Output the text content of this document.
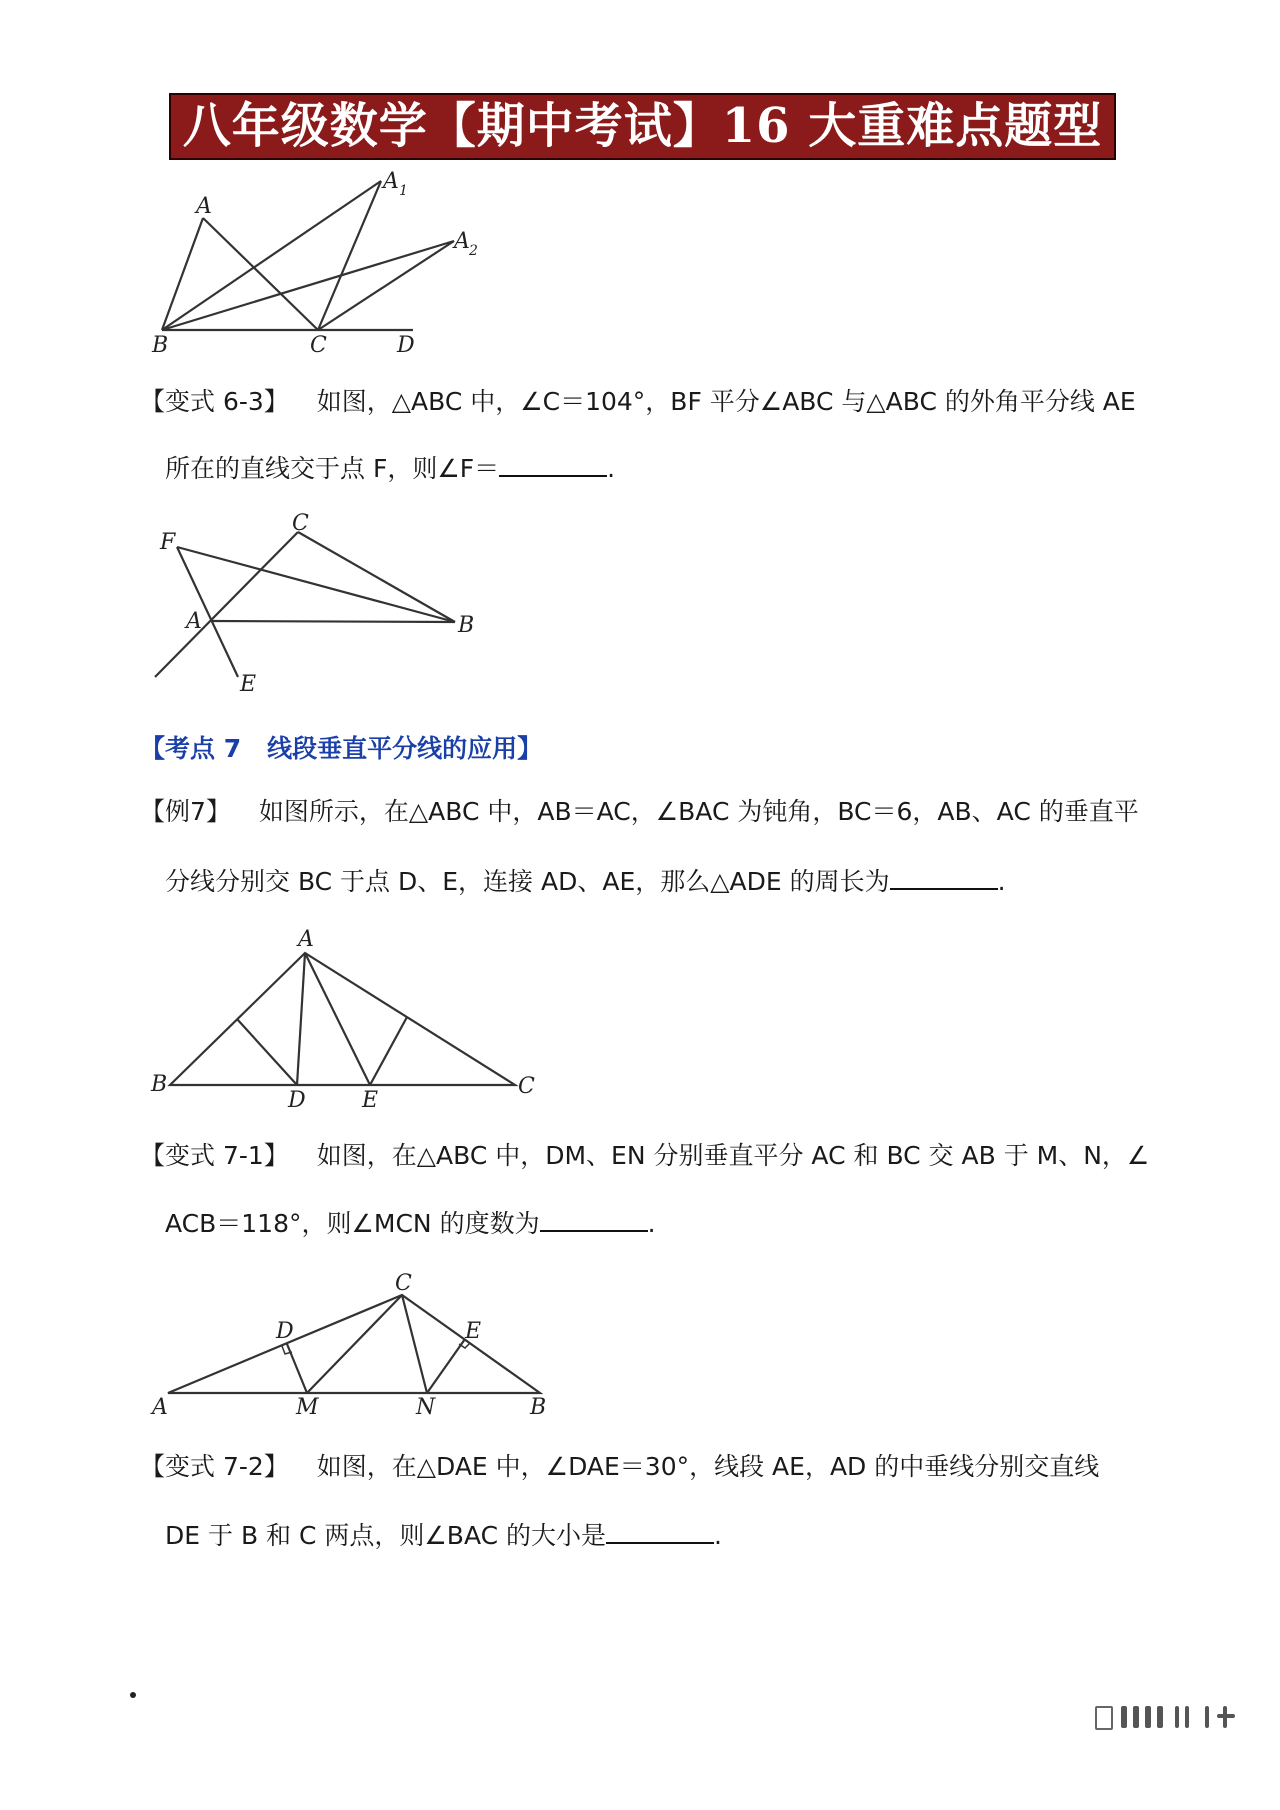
八年级数学【期中考试】16 大重难点题型
A
A 1
A 2
B	C	D
【变式 6-3】 如图，△ABC 中，∠C＝104°，BF 平分∠ABC 与△ABC 的外角平分线 AE
所在的直线交于点 F，则∠F＝	.
F
C
A	B
E
【考点 7 线段垂直平分线的应用】
【例7】 如图所示，在△ABC 中，AB＝AC，∠BAC 为钝角，BC＝6，AB、AC 的垂直平
分线分别交 BC 于点 D、E，连接 AD、AE，那么△ADE 的周长为	.
A
B
D	E
C
【变式 7-1】 如图，在△ABC 中，DM、EN 分别垂直平分 AC 和 BC 交 AB 于 M、N，∠
ACB＝118°，则∠MCN 的度数为	.
C
D	E
A	M	N	B
【变式 7-2】 如图，在△DAE 中，∠DAE＝30°，线段 AE，AD 的中垂线分别交直线
DE 于 B 和 C 两点，则∠BAC 的大小是	.
